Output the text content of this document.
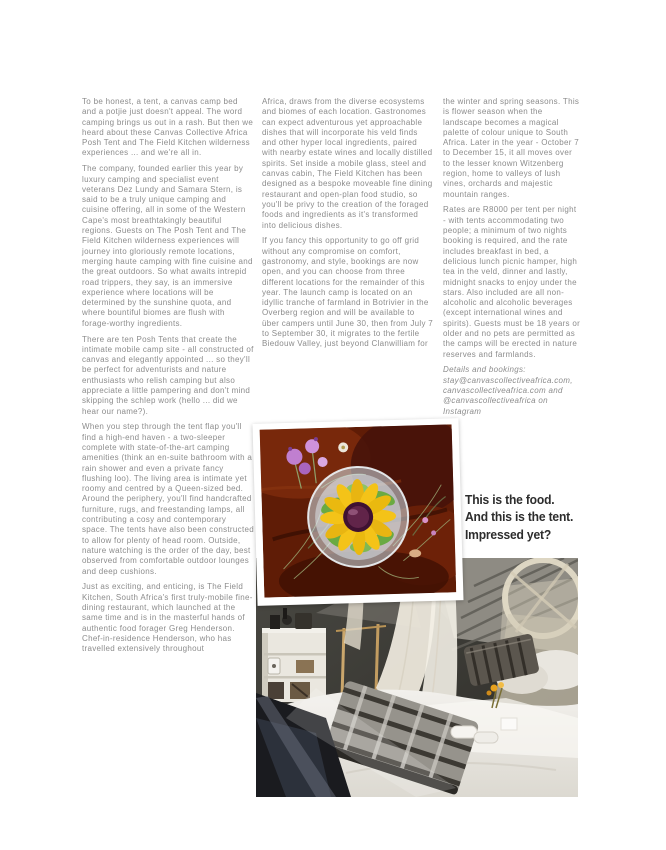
To be honest, a tent, a canvas camp bed and a potjie just doesn't appeal. The word camping brings us out in a rash. But then we heard about these Canvas Collective Africa Posh Tent and The Field Kitchen wilderness experiences ... and we're all in.

The company, founded earlier this year by luxury camping and specialist event veterans Dez Lundy and Samara Stern, is said to be a truly unique camping and cuisine offering, all in some of the Western Cape's most breathtakingly beautiful regions. Guests on The Posh Tent and The Field Kitchen wilderness experiences will journey into gloriously remote locations, merging haute camping with fine cuisine and the great outdoors. So what awaits intrepid road trippers, they say, is an immersive experience where locations will be determined by the sunshine quota, and where bountiful biomes are flush with forage-worthy ingredients.

There are ten Posh Tents that create the intimate mobile camp site - all constructed of canvas and elegantly appointed ... so they'll be perfect for adventurists and nature enthusiasts who relish camping but also appreciate a little pampering and don't mind skipping the schlep work (hello ... did we hear our name?).

When you step through the tent flap you'll find a high-end haven - a two-sleeper complete with state-of-the-art camping amenities (think an en-suite bathroom with a rain shower and even a private fancy flushing loo). The living area is intimate yet roomy and centred by a Queen-sized bed. Around the periphery, you'll find handcrafted furniture, rugs, and freestanding lamps, all contributing a cosy and contemporary space. The tents have also been constructed to allow for plenty of head room. Outside, nature watching is the order of the day, best observed from comfortable outdoor lounges and deep cushions.

Just as exciting, and enticing, is The Field Kitchen, South Africa's first truly-mobile fine-dining restaurant, which launched at the same time and is in the masterful hands of authentic food forager Greg Henderson. Chef-in-residence Henderson, who has travelled extensively throughout

Africa, draws from the diverse ecosystems and biomes of each location. Gastronomes can expect adventurous yet approachable dishes that will incorporate his veld finds and other hyper local ingredients, paired with nearby estate wines and locally distilled spirits. Set inside a mobile glass, steel and canvas cabin, The Field Kitchen has been designed as a bespoke moveable fine dining restaurant and open-plan food studio, so you'll be privy to the creation of the foraged foods and ingredients as it's transformed into delicious dishes.

If you fancy this opportunity to go off grid without any compromise on comfort, gastronomy, and style, bookings are now open, and you can choose from three different locations for the remainder of this year. The launch camp is located on an idyllic tranche of farmland in Botrivier in the Overberg region and will be available to über campers until June 30, then from July 7 to September 30, it migrates to the fertile Biedouw Valley, just beyond Clanwilliam for

the winter and spring seasons. This is flower season when the landscape becomes a magical palette of colour unique to South Africa. Later in the year - October 7 to December 15, it all moves over to the lesser known Witzenberg region, home to valleys of lush vines, orchards and majestic mountain ranges.

Rates are R8000 per tent per night - with tents accommodating two people; a minimum of two nights booking is required, and the rate includes breakfast in bed, a delicious lunch picnic hamper, high tea in the veld, dinner and lastly, midnight snacks to enjoy under the stars. Also included are all non-alcoholic and alcoholic beverages (except international wines and spirits). Guests must be 18 years or older and no pets are permitted as the camps will be erected in nature reserves and farmlands.

Details and bookings: stay@canvascollectiveafrica.com, canvascollectiveafrica.com and @canvascollectiveafrica on Instagram

This is the food.
And this is the tent.
Impressed yet?
